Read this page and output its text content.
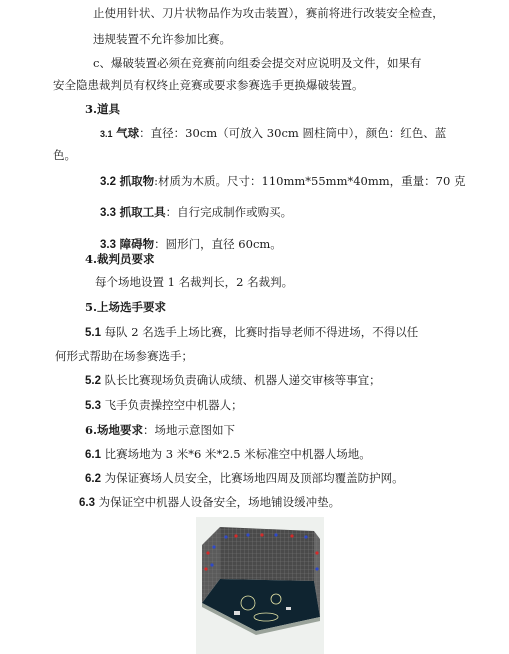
止使用针状、刀片状物品作为攻击装置），赛前将进行改装安全检查，
违规装置不允许参加比赛。
c、爆破装置必须在竞赛前向组委会提交对应说明及文件，如果有
安全隐患裁判员有权终止竞赛或要求参赛选手更换爆破装置。
3.道具
3.1 气球：直径：30cm（可放入 30cm 圆柱筒中），颜色：红色、蓝
色。
3.2 抓取物:材质为木质。尺寸：110mm*55mm*40mm，重量：70 克
3.3 抓取工具：自行完成制作或购买。
3.3 障碍物：圆形门，直径 60cm。
4.裁判员要求
每个场地设置 1 名裁判长，2 名裁判。
5.上场选手要求
5.1 每队 2 名选手上场比赛，比赛时指导老师不得进场，不得以任
何形式帮助在场参赛选手；
5.2 队长比赛现场负责确认成绩、机器人递交审核等事宜；
5.3 飞手负责操控空中机器人；
6.场地要求：场地示意图如下
6.1 比赛场地为 3 米*6 米*2.5 米标准空中机器人场地。
6.2 为保证赛场人员安全，比赛场地四周及顶部均覆盖防护网。
6.3 为保证空中机器人设备安全，场地铺设缓冲垫。
